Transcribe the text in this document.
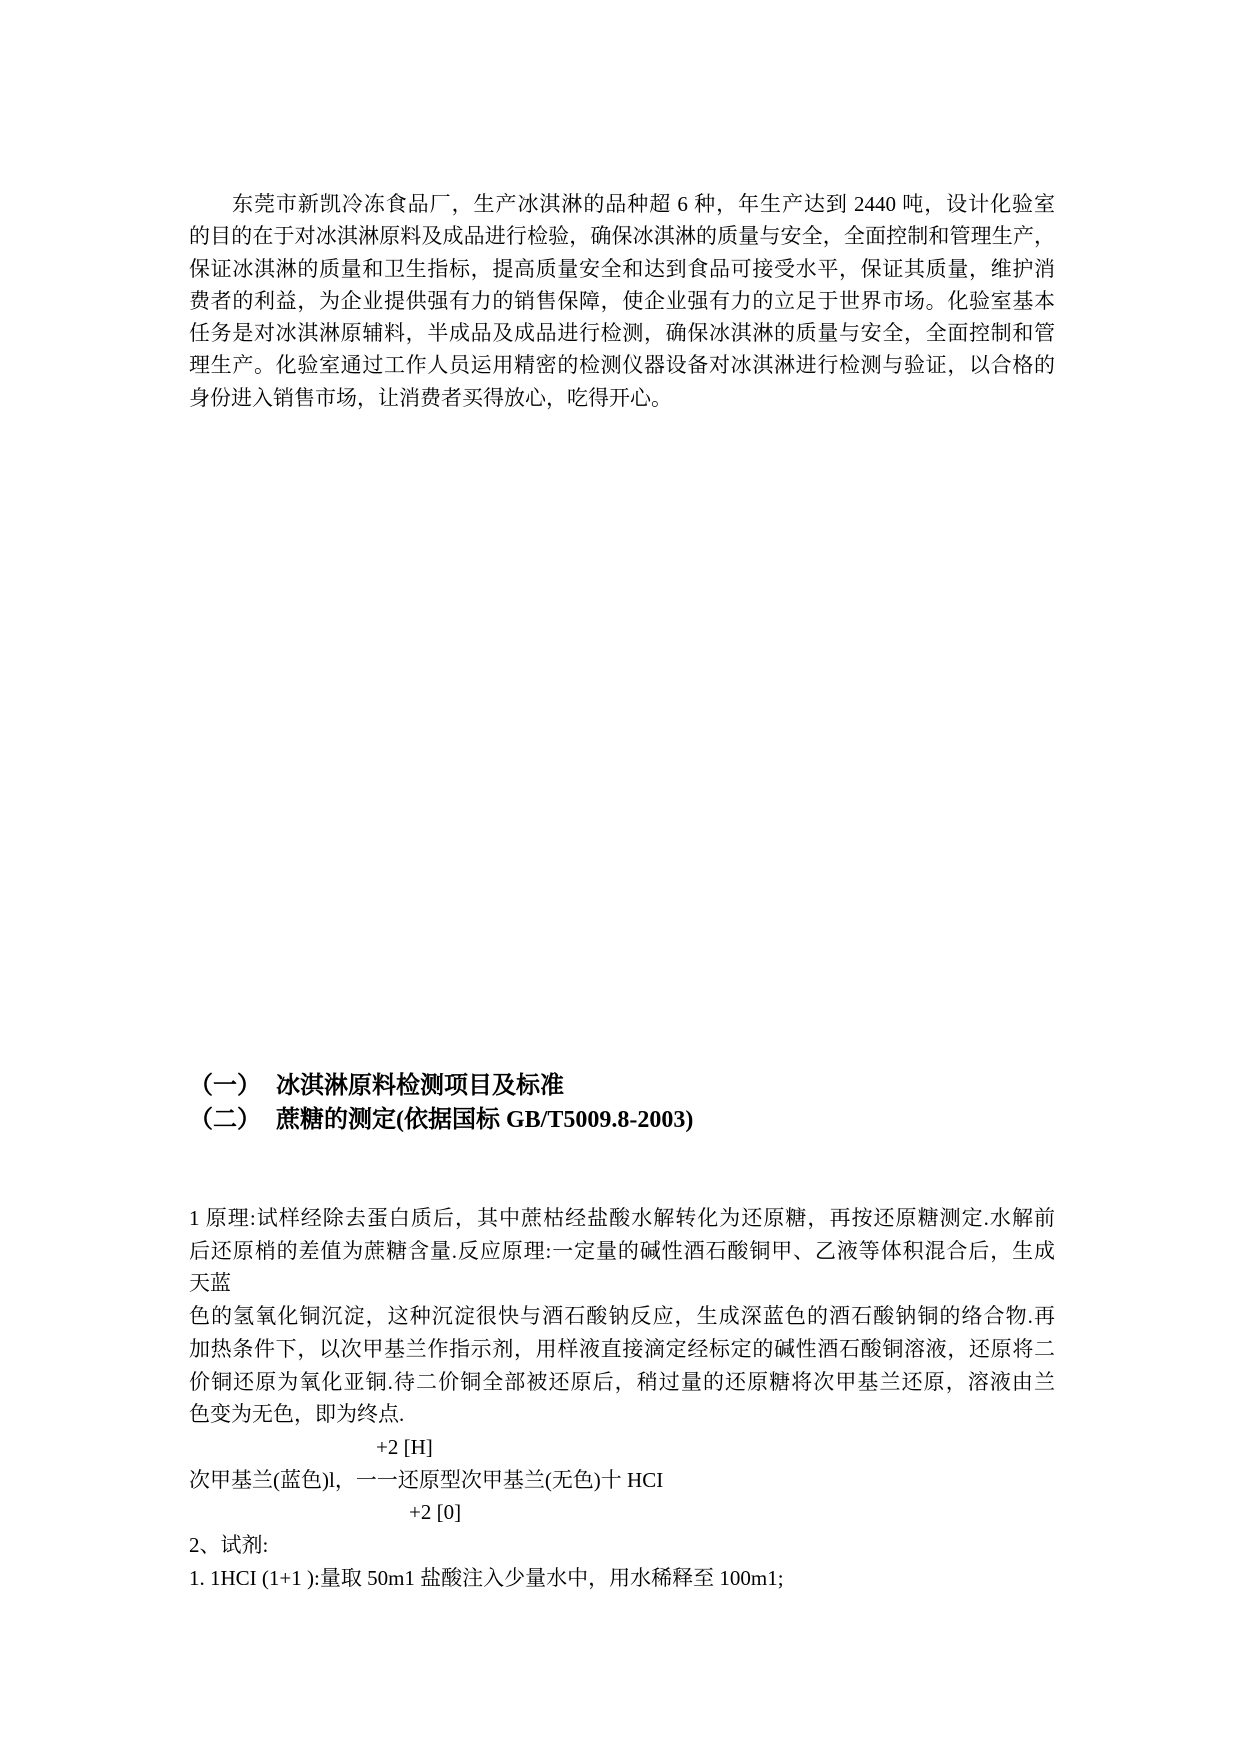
东莞市新凯冷冻食品厂，生产冰淇淋的品种超 6 种，年生产达到 2440 吨，设计化验室
的目的在于对冰淇淋原料及成品进行检验，确保冰淇淋的质量与安全，全面控制和管理生产，
保证冰淇淋的质量和卫生指标，提高质量安全和达到食品可接受水平，保证其质量，维护消
费者的利益，为企业提供强有力的销售保障，使企业强有力的立足于世界市场。化验室基本
任务是对冰淇淋原辅料，半成品及成品进行检测，确保冰淇淋的质量与安全，全面控制和管
理生产。化验室通过工作人员运用精密的检测仪器设备对冰淇淋进行检测与验证，以合格的
身份进入销售市场，让消费者买得放心，吃得开心。
（一） 冰淇淋原料检测项目及标准
（二） 蔗糖的测定(依据国标 GB/T5009.8-2003)
1 原理:试样经除去蛋白质后，其中蔗枯经盐酸水解转化为还原糖，再按还原糖测定.水解前
后还原梢的差值为蔗糖含量.反应原理:一定量的碱性酒石酸铜甲、乙液等体积混合后，生成
天蓝
色的氢氧化铜沉淀，这种沉淀很快与酒石酸钠反应，生成深蓝色的酒石酸钠铜的络合物.再
加热条件下，以次甲基兰作指示剂，用样液直接滴定经标定的碱性酒石酸铜溶液，还原将二
价铜还原为氧化亚铜.待二价铜全部被还原后，稍过量的还原糖将次甲基兰还原，溶液由兰
色变为无色，即为终点.
+2 [H]
次甲基兰(蓝色)l，一一还原型次甲基兰(无色)十 HCI
+2 [0]
2、试剂:
1. 1HCI (1+1 ):量取 50m1 盐酸注入少量水中，用水稀释至 100m1;
